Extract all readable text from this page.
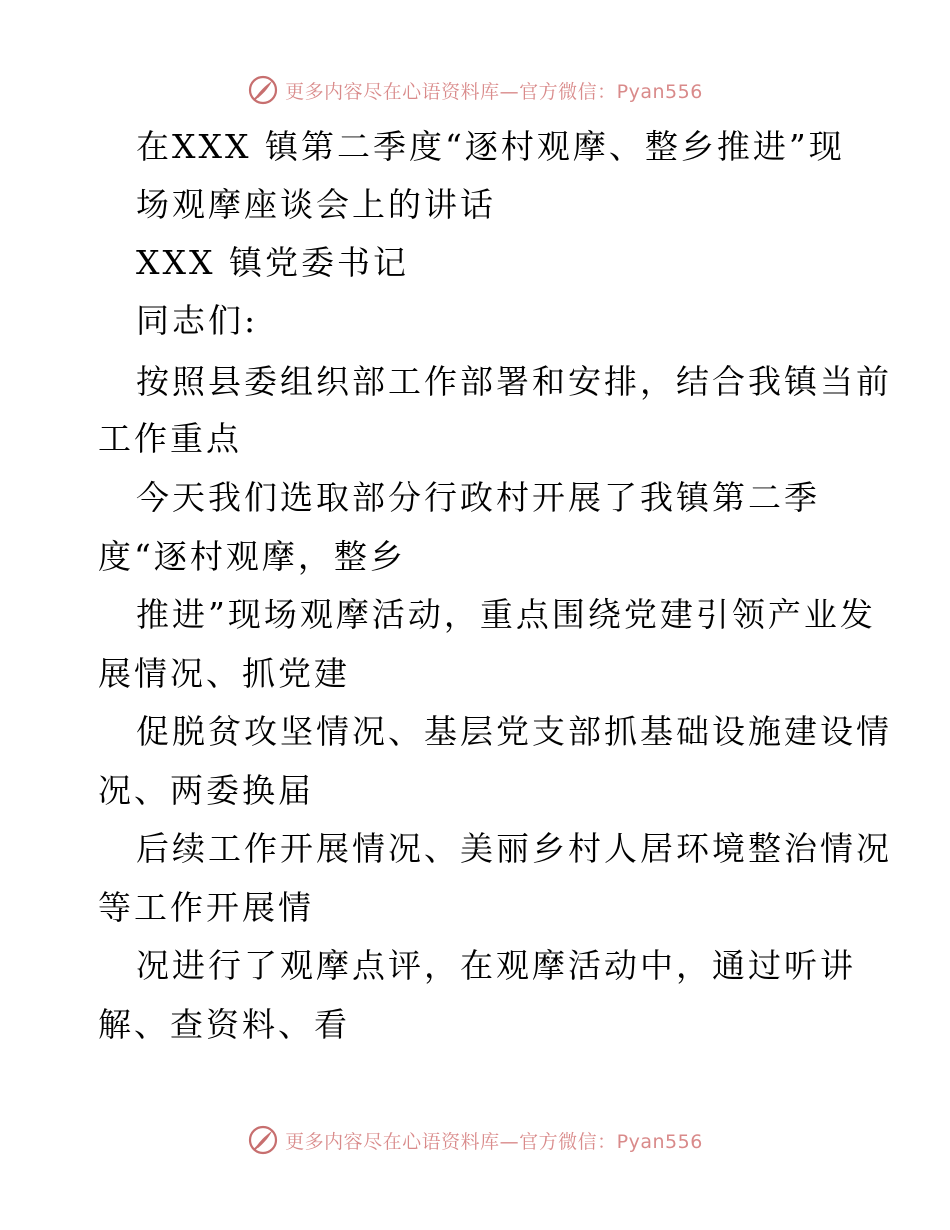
更多内容尽在心语资料库—官方微信：Pyan556
在XXX 镇第二季度“逐村观摩、整乡推进”现
场观摩座谈会上的讲话
XXX 镇党委书记
同志们:
按照县委组织部工作部署和安排，结合我镇当前
工作重点
今天我们选取部分行政村开展了我镇第二季
度“逐村观摩，整乡
推进”现场观摩活动，重点围绕党建引领产业发
展情况、抓党建
促脱贫攻坚情况、基层党支部抓基础设施建设情
况、两委换届
后续工作开展情况、美丽乡村人居环境整治情况
等工作开展情
况进行了观摩点评，在观摩活动中，通过听讲
解、查资料、看
更多内容尽在心语资料库—官方微信：Pyan556
